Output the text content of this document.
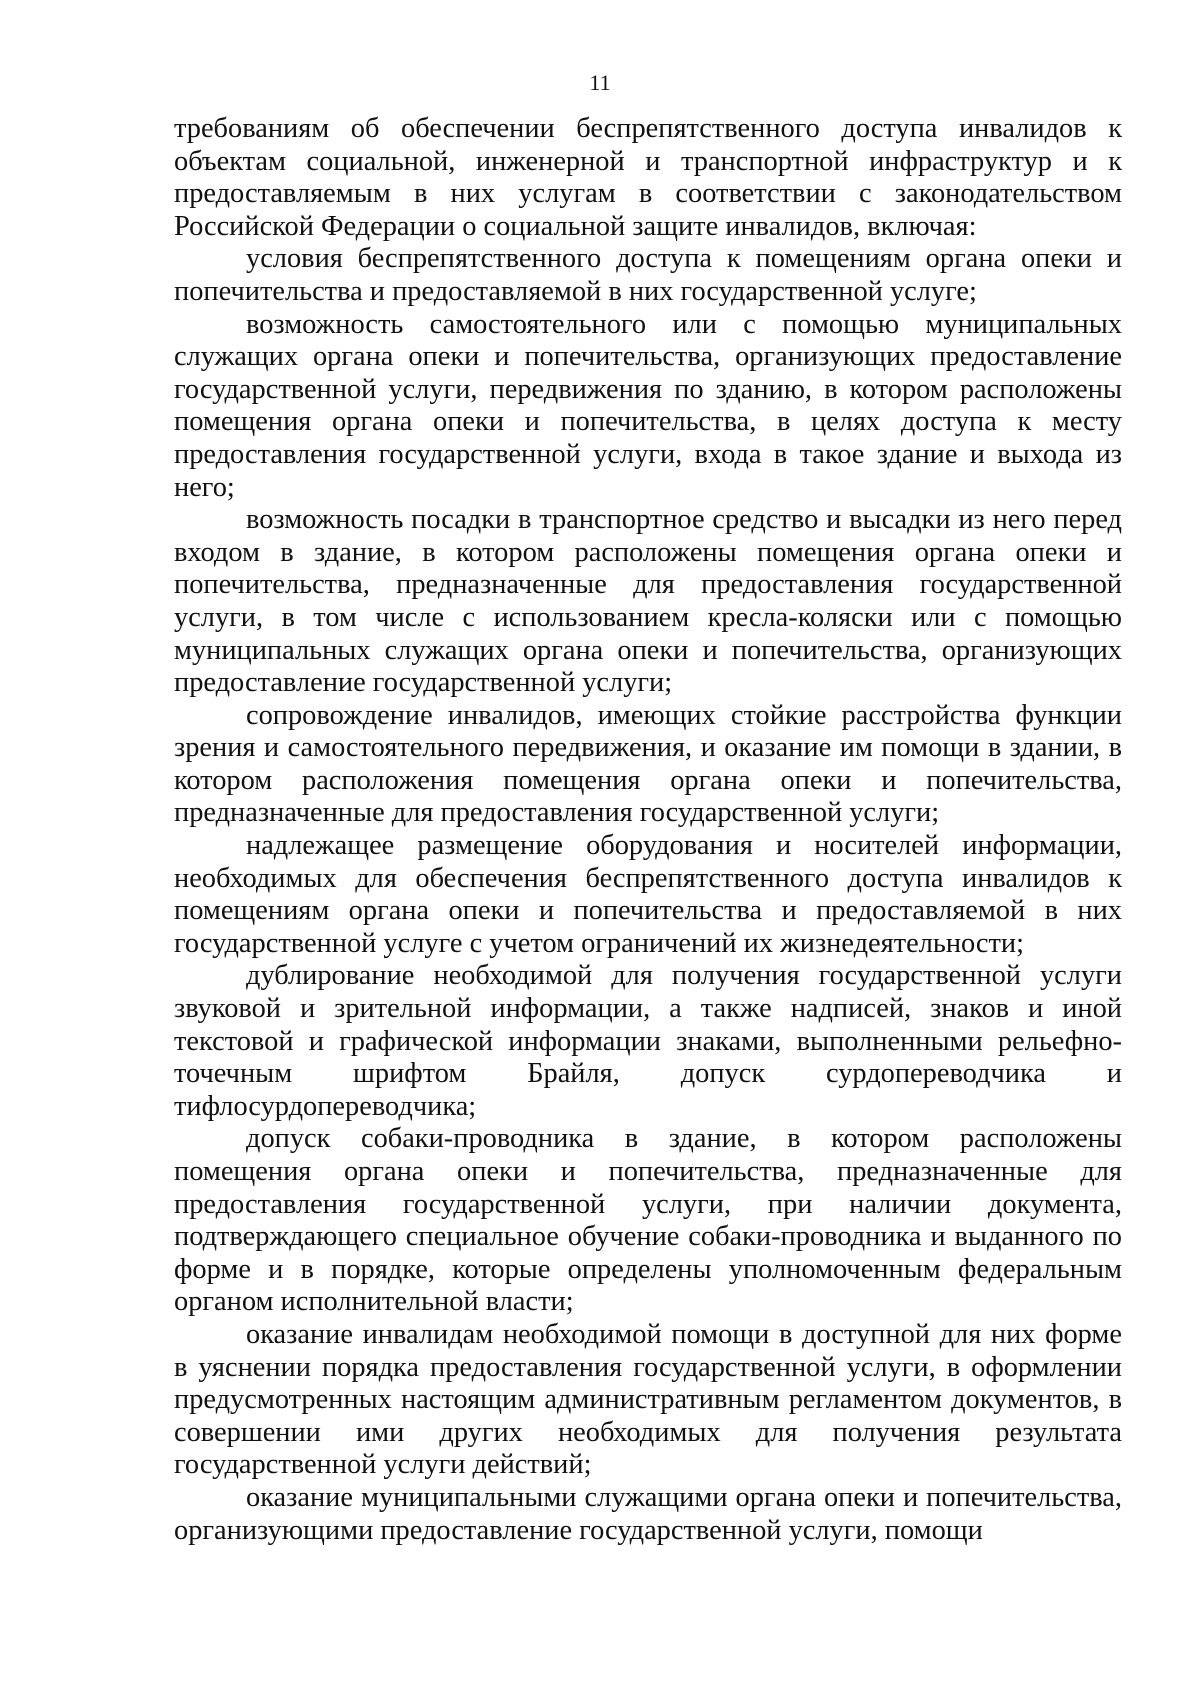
11

требованиям об обеспечении беспрепятственного доступа инвалидов к объектам социальной, инженерной и транспортной инфраструктур и к предоставляемым в них услугам в соответствии с законодательством Российской Федерации о социальной защите инвалидов, включая:

условия беспрепятственного доступа к помещениям органа опеки и попечительства и предоставляемой в них государственной услуге;

возможность самостоятельного или с помощью муниципальных служащих органа опеки и попечительства, организующих предоставление государственной услуги, передвижения по зданию, в котором расположены помещения органа опеки и попечительства, в целях доступа к месту предоставления государственной услуги, входа в такое здание и выхода из него;

возможность посадки в транспортное средство и высадки из него перед входом в здание, в котором расположены помещения органа опеки и попечительства, предназначенные для предоставления государственной услуги, в том числе с использованием кресла-коляски или с помощью муниципальных служащих органа опеки и попечительства, организующих предоставление государственной услуги;

сопровождение инвалидов, имеющих стойкие расстройства функции зрения и самостоятельного передвижения, и оказание им помощи в здании, в котором расположения помещения органа опеки и попечительства, предназначенные для предоставления государственной услуги;

надлежащее размещение оборудования и носителей информации, необходимых для обеспечения беспрепятственного доступа инвалидов к помещениям органа опеки и попечительства и предоставляемой в них государственной услуге с учетом ограничений их жизнедеятельности;

дублирование необходимой для получения государственной услуги звуковой и зрительной информации, а также надписей, знаков и иной текстовой и графической информации знаками, выполненными рельефно-точечным шрифтом Брайля, допуск сурдопереводчика и тифлосурдопереводчика;

допуск собаки-проводника в здание, в котором расположены помещения органа опеки и попечительства, предназначенные для предоставления государственной услуги, при наличии документа, подтверждающего специальное обучение собаки-проводника и выданного по форме и в порядке, которые определены уполномоченным федеральным органом исполнительной власти;

оказание инвалидам необходимой помощи в доступной для них форме в уяснении порядка предоставления государственной услуги, в оформлении предусмотренных настоящим административным регламентом документов, в совершении ими других необходимых для получения результата государственной услуги действий;

оказание муниципальными служащими органа опеки и попечительства, организующими предоставление государственной услуги, помощи
